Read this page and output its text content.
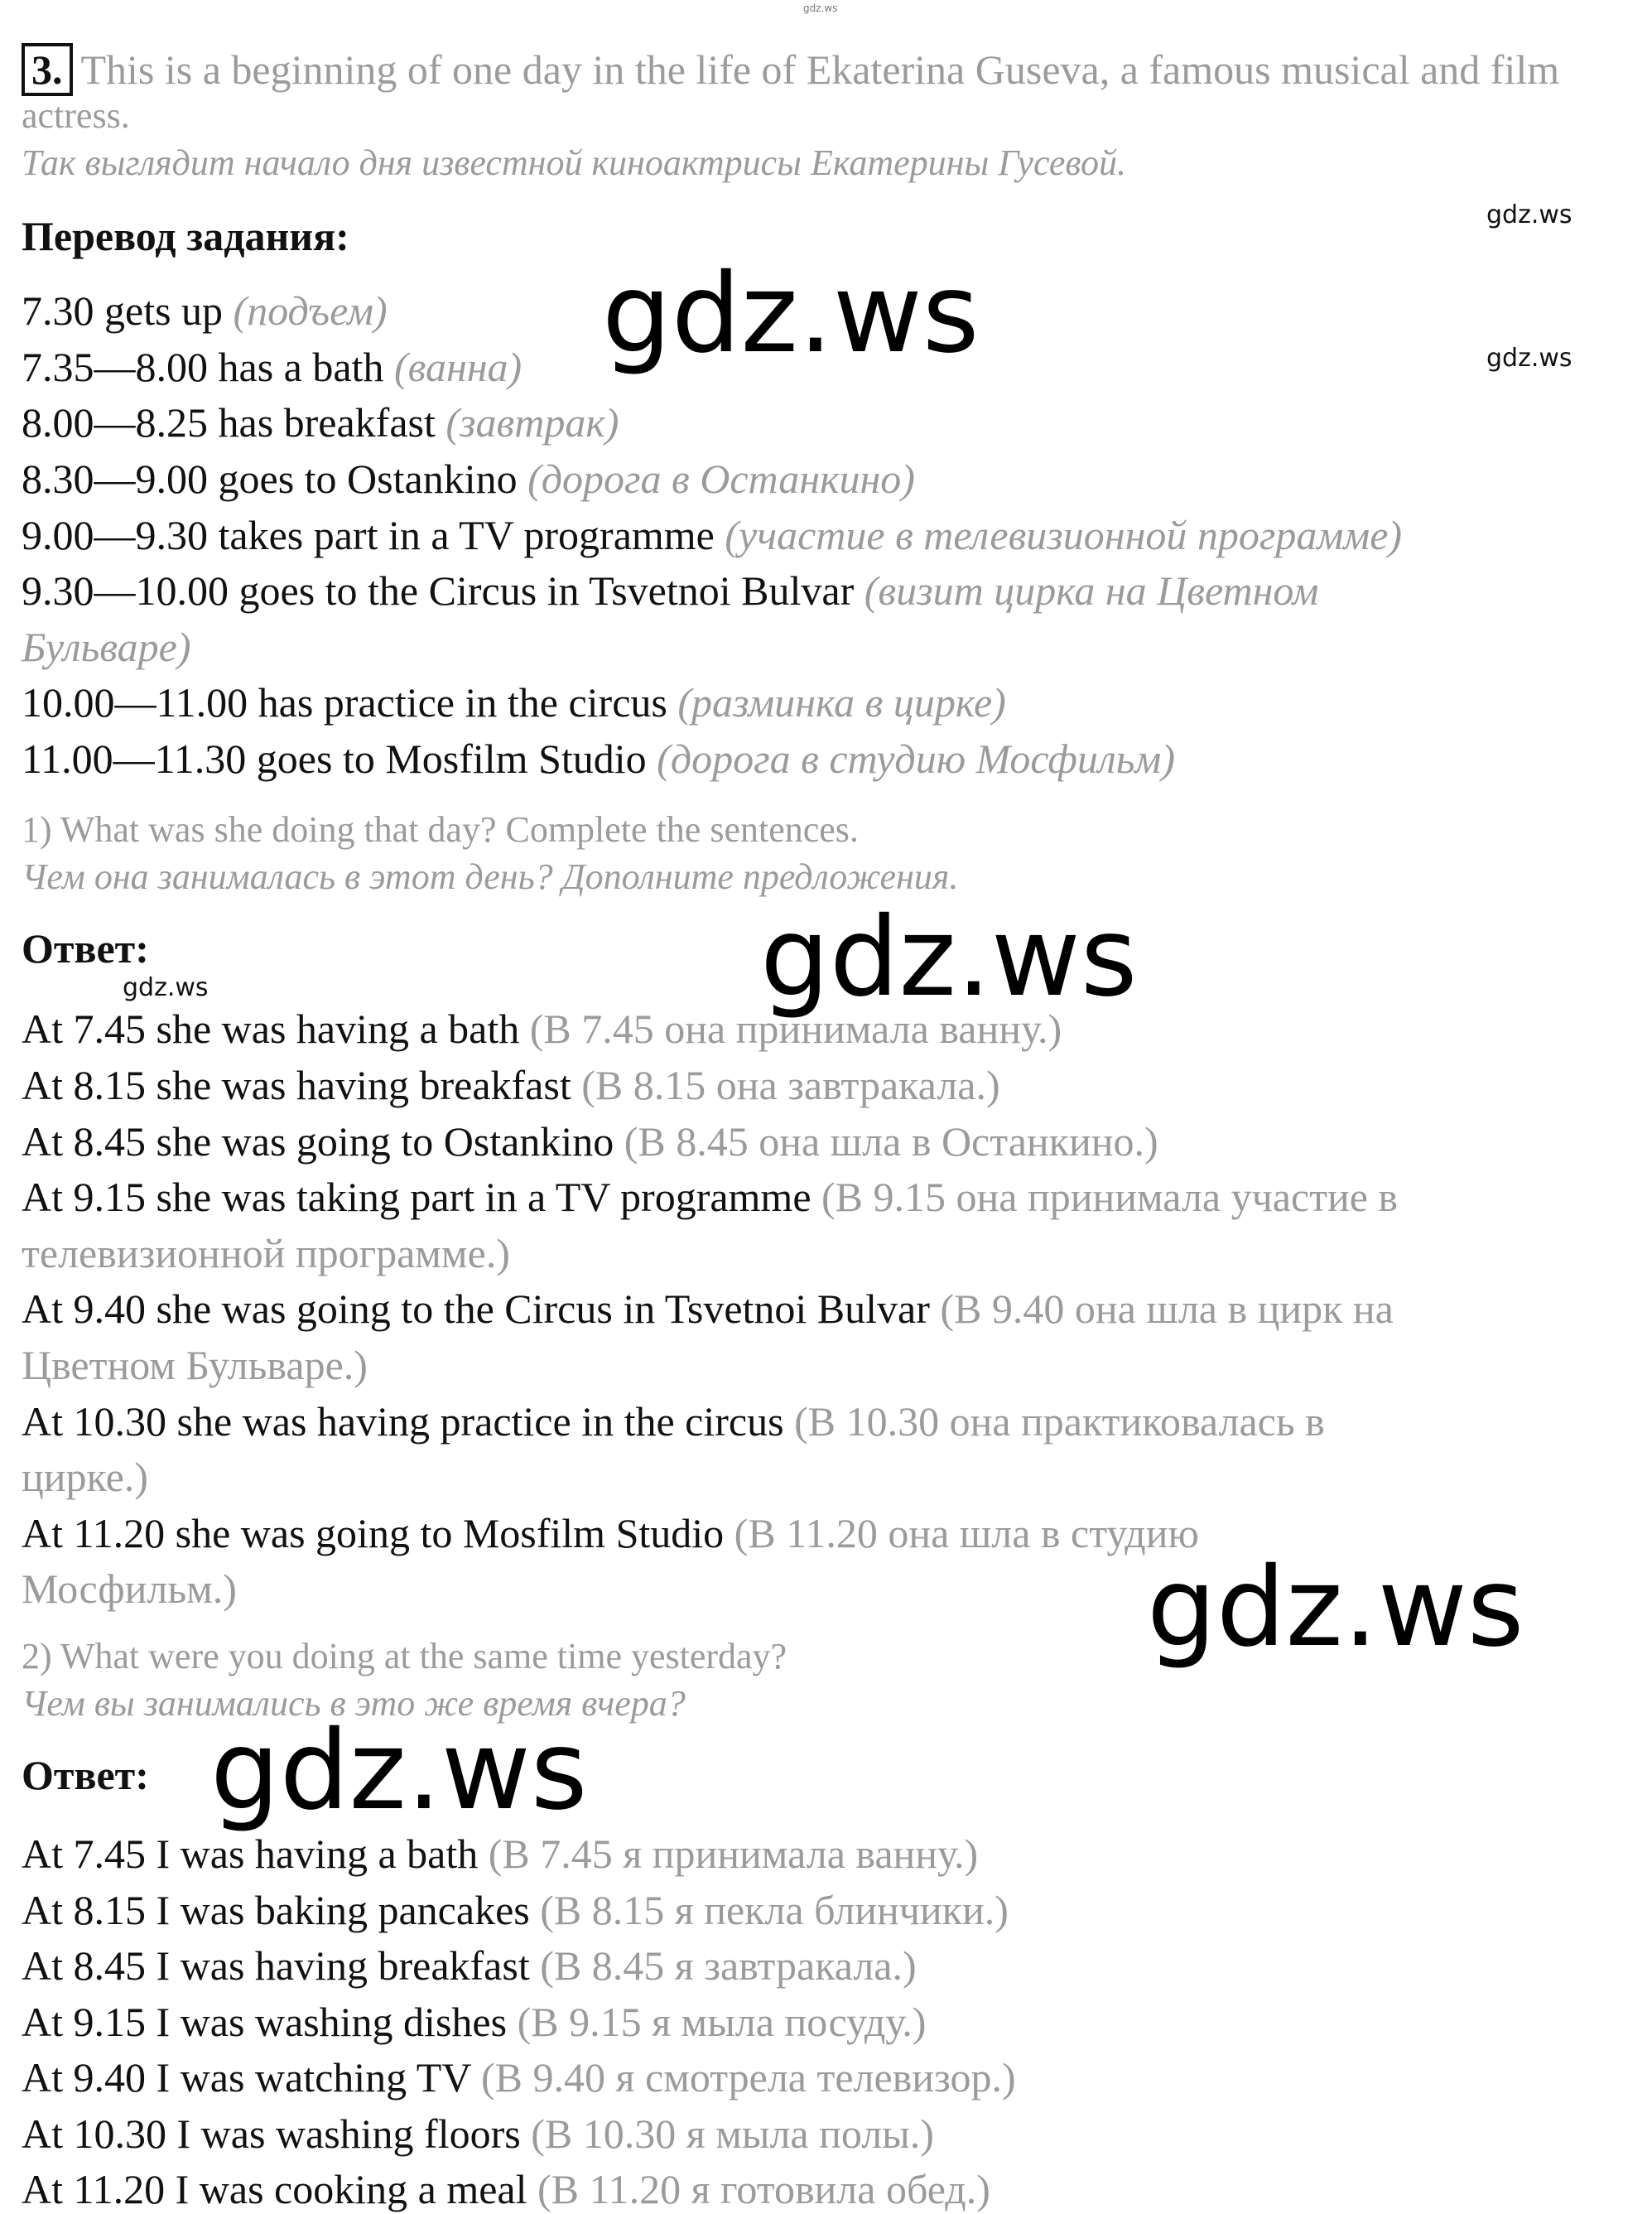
gdz.ws
3. This is a beginning of one day in the life of Ekaterina Guseva, a famous musical and film
actress.
Так выглядит начало дня известной киноактрисы Екатерины Гусевой.
gdz.ws
Перевод задания:
gdz.ws	gdz.ws
7.30 gets up (подъем)
7.35—8.00 has a bath (ванна)
8.00—8.25 has breakfast (завтрак)
8.30—9.00 goes to Ostankino (дорога в Останкино)
9.00—9.30 takes part in a TV programme (участие в телевизионной программе)
9.30—10.00 goes to the Circus in Tsvetnoi Bulvar (визит цирка на Цветном
Бульваре)
10.00—11.00 has practice in the circus (разминка в цирке)
11.00—11.30 goes to Mosfilm Studio (дорога в студию Мосфильм)
1) What was she doing that day? Complete the sentences.
Чем она занималась в этот день? Дополните предложения.
Ответ:	gdz.ws
gdz.ws
At 7.45 she was having a bath (В 7.45 она принимала ванну.)
At 8.15 she was having breakfast (В 8.15 она завтракала.)
At 8.45 she was going to Ostankino (В 8.45 она шла в Останкино.)
At 9.15 she was taking part in a TV programme (В 9.15 она принимала участие в
телевизионной программе.)
At 9.40 she was going to the Circus in Tsvetnoi Bulvar (В 9.40 она шла в цирк на
Цветном Бульваре.)
At 10.30 she was having practice in the circus (В 10.30 она практиковалась в
цирке.)
At 11.20 she was going to Mosfilm Studio (В 11.20 она шла в студию
Мосфильм.)	gdz.ws
2) What were you doing at the same time yesterday?
Чем вы занимались в это же время вчера?
Ответ: gdz.ws
At 7.45 I was having a bath (В 7.45 я принимала ванну.)
At 8.15 I was baking pancakes (В 8.15 я пекла блинчики.)
At 8.45 I was having breakfast (В 8.45 я завтракала.)
At 9.15 I was washing dishes (В 9.15 я мыла посуду.)
At 9.40 I was watching TV (В 9.40 я смотрела телевизор.)
At 10.30 I was washing floors (В 10.30 я мыла полы.)
At 11.20 I was cooking a meal (В 11.20 я готовила обед.)
